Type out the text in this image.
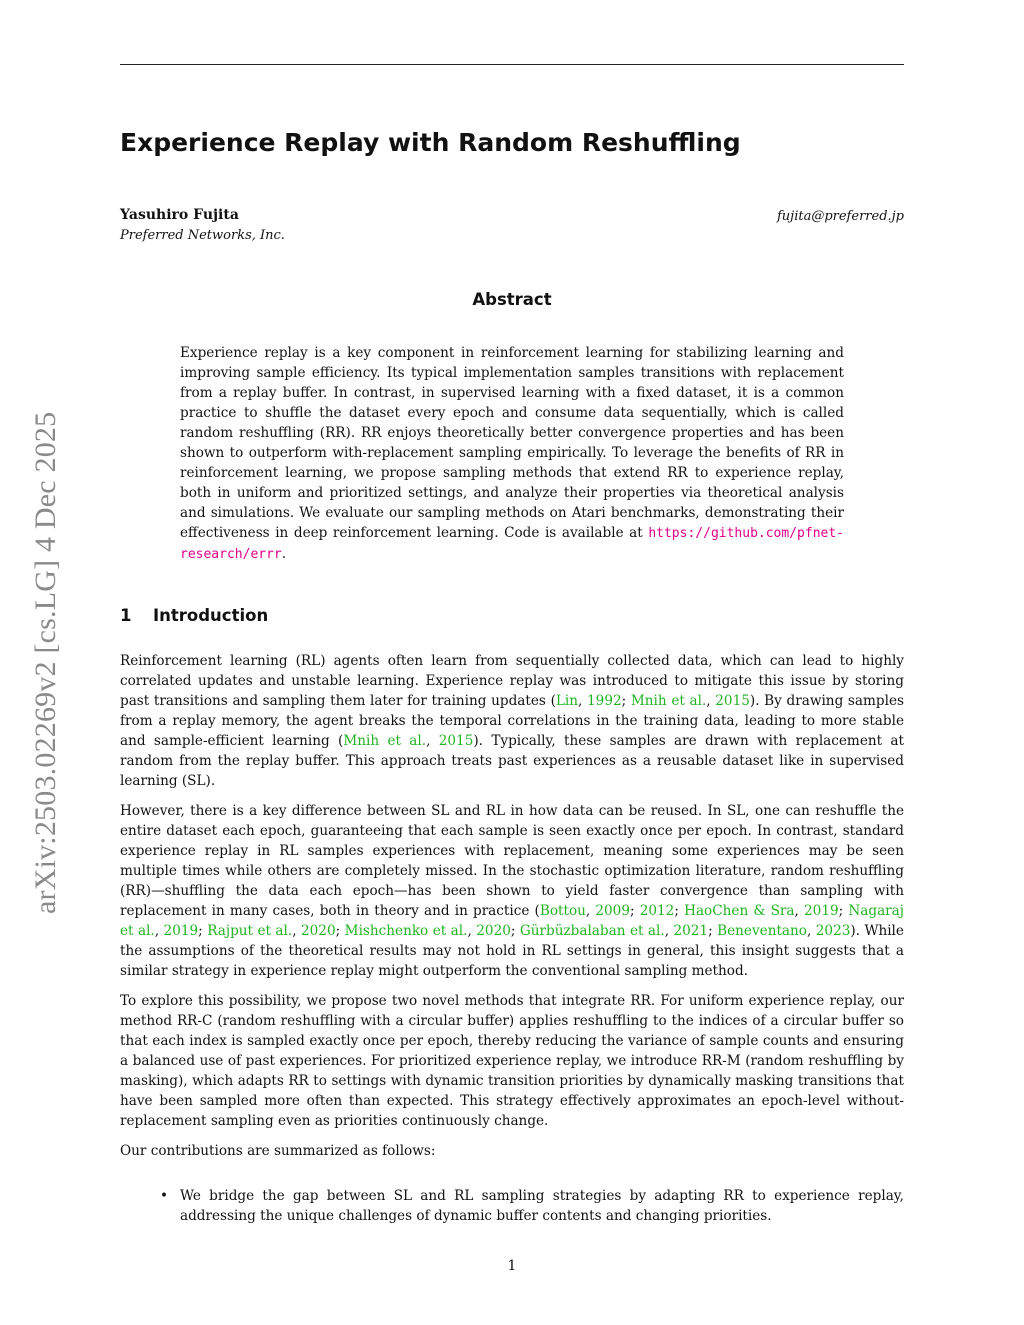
arXiv:2503.02269v2 [cs.LG] 4 Dec 2025
Experience Replay with Random Reshuffling
Yasuhiro Fujita
Preferred Networks, Inc.
fujita@preferred.jp
Abstract

Experience replay is a key component in reinforcement learning for stabilizing learning and improving sample efficiency. Its typical implementation samples transitions with replacement from a replay buffer. In contrast, in supervised learning with a fixed dataset, it is a common practice to shuffle the dataset every epoch and consume data sequentially, which is called random reshuffling (RR). RR enjoys theoretically better convergence properties and has been shown to outperform with-replacement sampling empirically. To leverage the benefits of RR in reinforcement learning, we propose sampling methods that extend RR to experience replay, both in uniform and prioritized settings, and analyze their properties via theoretical analysis and simulations. We evaluate our sampling methods on Atari benchmarks, demonstrating their effectiveness in deep reinforcement learning. Code is available at https://github.com/pfnet-research/errr.

1 Introduction

Reinforcement learning (RL) agents often learn from sequentially collected data, which can lead to highly correlated updates and unstable learning. Experience replay was introduced to mitigate this issue by storing past transitions and sampling them later for training updates (Lin, 1992; Mnih et al., 2015). By drawing samples from a replay memory, the agent breaks the temporal correlations in the training data, leading to more stable and sample-efficient learning (Mnih et al., 2015). Typically, these samples are drawn with replacement at random from the replay buffer. This approach treats past experiences as a reusable dataset like in supervised learning (SL).

However, there is a key difference between SL and RL in how data can be reused. In SL, one can reshuffle the entire dataset each epoch, guaranteeing that each sample is seen exactly once per epoch. In contrast, standard experience replay in RL samples experiences with replacement, meaning some experiences may be seen multiple times while others are completely missed. In the stochastic optimization literature, random reshuffling (RR)—shuffling the data each epoch—has been shown to yield faster convergence than sampling with replacement in many cases, both in theory and in practice (Bottou, 2009; 2012; HaoChen & Sra, 2019; Nagaraj et al., 2019; Rajput et al., 2020; Mishchenko et al., 2020; Gürbüzbalaban et al., 2021; Beneventano, 2023). While the assumptions of the theoretical results may not hold in RL settings in general, this insight suggests that a similar strategy in experience replay might outperform the conventional sampling method.

To explore this possibility, we propose two novel methods that integrate RR. For uniform experience replay, our method RR-C (random reshuffling with a circular buffer) applies reshuffling to the indices of a circular buffer so that each index is sampled exactly once per epoch, thereby reducing the variance of sample counts and ensuring a balanced use of past experiences. For prioritized experience replay, we introduce RR-M (random reshuffling by masking), which adapts RR to settings with dynamic transition priorities by dynamically masking transitions that have been sampled more often than expected. This strategy effectively approximates an epoch-level without-replacement sampling even as priorities continuously change.

Our contributions are summarized as follows:

• We bridge the gap between SL and RL sampling strategies by adapting RR to experience replay, addressing the unique challenges of dynamic buffer contents and changing priorities.
1
